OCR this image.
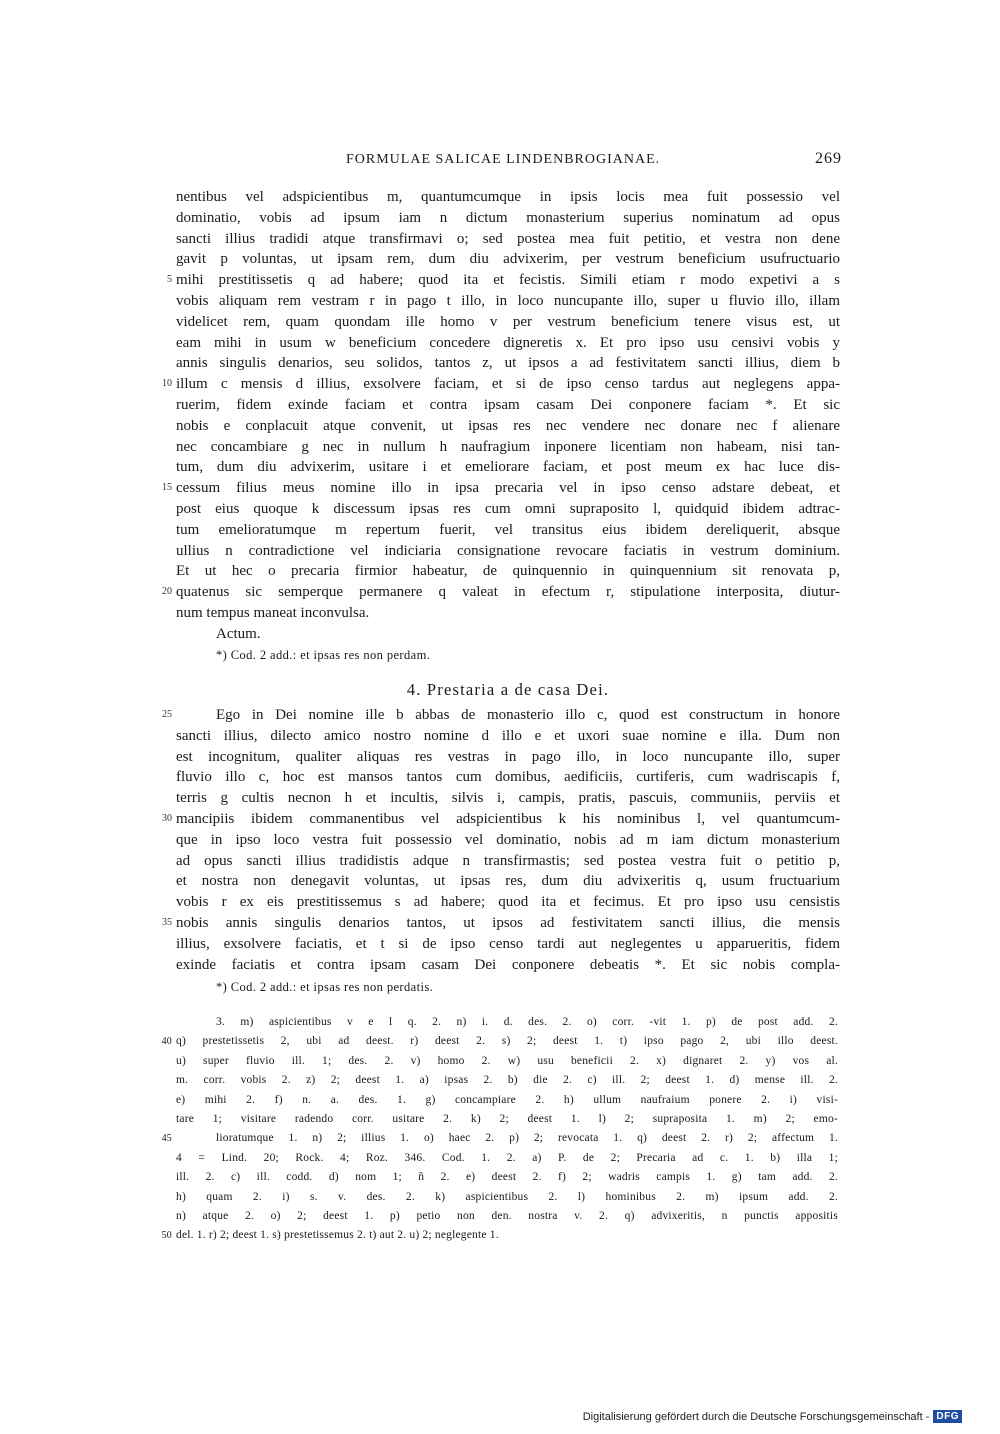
FORMULAE SALICAE LINDENBROGIANAE.	269
nentibus vel adspicientibus m, quantumcumque in ipsis locis mea fuit possessio vel
dominatio, vobis ad ipsum iam n dictum monasterium superius nominatum ad opus
sancti illius tradidi atque transfirmavi o; sed postea mea fuit petitio, et vestra non dene
gavit p voluntas, ut ipsam rem, dum diu advixerim, per vestrum beneficium usufructuario
5 mihi prestitissetis q ad habere; quod ita et fecistis. Simili etiam r modo expetivi a s
vobis aliquam rem vestram r in pago t illo, in loco nuncupante illo, super u fluvio illo, illam
videlicet rem, quam quondam ille homo v per vestrum beneficium tenere visus est, ut
eam mihi in usum w beneficium concedere digneretis x. Et pro ipso usu censivi vobis y
annis singulis denarios, seu solidos, tantos z, ut ipsos a ad festivitatem sancti illius, diem b
10 illum c mensis d illius, exsolvere faciam, et si de ipso censo tardus aut neglegens appa-
ruerim, fidem exinde faciam et contra ipsam casam Dei conponere faciam *. Et sic
nobis e conplacuit atque convenit, ut ipsas res nec vendere nec donare nec f alienare
nec concambiare g nec in nullum h naufragium inponere licentiam non habeam, nisi tan-
tum, dum diu advixerim, usitare i et emeliorare faciam, et post meum ex hac luce dis-
15 cessum filius meus nomine illo in ipsa precaria vel in ipso censo adstare debeat, et
post eius quoque k discessum ipsas res cum omni supraposito l, quidquid ibidem adtrac-
tum emelioratumque m repertum fuerit, vel transitus eius ibidem dereliquerit, absque
ullius n contradictione vel indiciaria consignatione revocare faciatis in vestrum dominium.
Et ut hec o precaria firmior habeatur, de quinquennio in quinquennium sit renovata p,
20 quatenus sic semperque permanere q valeat in efectum r, stipulatione interposita, diutur-
num tempus maneat inconvulsa.
Actum.
*) Cod. 2 add.: et ipsas res non perdam.
4. Prestaria a de casa Dei.
25	Ego in Dei nomine ille b abbas de monasterio illo c, quod est constructum in honore
sancti illius, dilecto amico nostro nomine d illo e et uxori suae nomine e illa. Dum non
est incognitum, qualiter aliquas res vestras in pago illo, in loco nuncupante illo, super
fluvio illo c, hoc est mansos tantos cum domibus, aedificiis, curtiferis, cum wadriscapis f,
terris g cultis necnon h et incultis, silvis i, campis, pratis, pascuis, communiis, perviis et
30 mancipiis ibidem commanentibus vel adspicientibus k his nominibus l, vel quantumcum-
que in ipso loco vestra fuit possessio vel dominatio, nobis ad m iam dictum monasterium
ad opus sancti illius tradidistis adque n transfirmastis; sed postea vestra fuit o petitio p,
et nostra non denegavit voluntas, ut ipsas res, dum diu advixeritis q, usum fructuarium
vobis r ex eis prestitissemus s ad habere; quod ita et fecimus. Et pro ipso usu censistis
35 nobis annis singulis denarios tantos, ut ipsos ad festivitatem sancti illius, die mensis
illius, exsolvere faciatis, et t si de ipso censo tardi aut neglegentes u apparueritis, fidem
exinde faciatis et contra ipsam casam Dei conponere debeatis *. Et sic nobis compla-
*) Cod. 2 add.: et ipsas res non perdatis.
3. m) aspicientibus v e l q. 2. n) i. d. des. 2. o) corr. -vit 1. p) de post add. 2.
40 q) prestetissetis 2, ubi ad deest. r) deest 2. s) 2; deest 1. t) ipso pago 2, ubi illo deest.
u) super fluvio ill. 1; des. 2. v) homo 2. w) usu beneficii 2. x) dignaret 2. y) vos al.
m. corr. vobis 2. z) 2; deest 1. a) ipsas 2. b) die 2. c) ill. 2; deest 1. d) mense ill. 2.
e) mihi 2. f) n. a. des. 1. g) concampiare 2. h) ullum naufraium ponere 2. i) visi-
tare 1; visitare radendo corr. usitare 2. k) 2; deest 1. l) 2; supraposita 1. m) 2; emo-
45	lioratumque 1. n) 2; illius 1. o) haec 2. p) 2; revocata 1. q) deest 2. r) 2; affectum 1.
4 = Lind. 20; Rock. 4; Roz. 346. Cod. 1. 2. a) P. de 2; Precaria ad c. 1. b) illa 1;
ill. 2. c) ill. codd. d) nom 1; ñ 2. e) deest 2. f) 2; wadris campis 1. g) tam add. 2.
h) quam 2. i) s. v. des. 2. k) aspicientibus 2. l) hominibus 2. m) ipsum add. 2.
n) atque 2. o) 2; deest 1. p) petio non den. nostra v. 2. q) advixeritis, n punctis appositis
50 del. 1. r) 2; deest 1. s) prestetissemus 2. t) aut 2. u) 2; neglegente 1.
Digitalisierung gefördert durch die Deutsche Forschungsgemeinschaft - DFG
